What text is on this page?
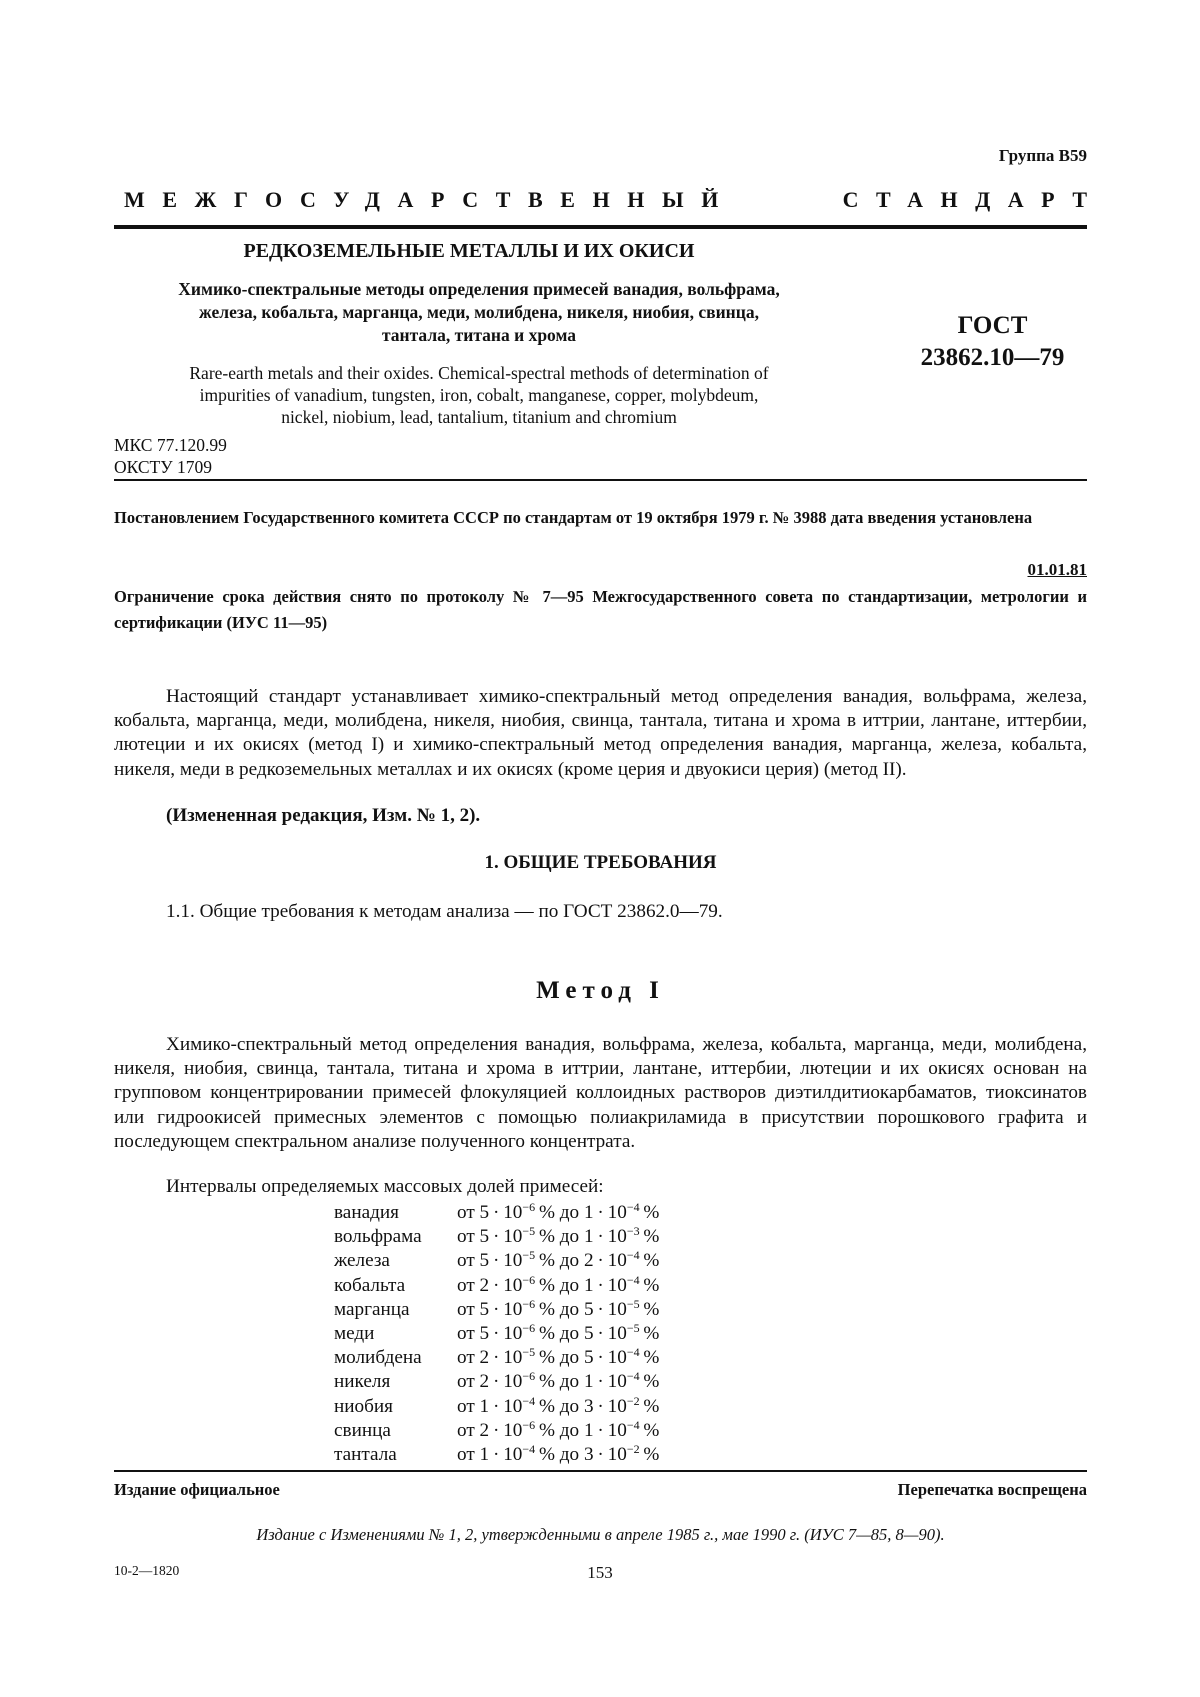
Группа В59
МЕЖГОСУДАРСТВЕННЫЙ	СТАНДАРТ
РЕДКОЗЕМЕЛЬНЫЕ МЕТАЛЛЫ И ИХ ОКИСИ
Химико-спектральные методы определения примесей ванадия, вольфрама,
железа, кобальта, марганца, меди, молибдена, никеля, ниобия, свинца,
тантала, титана и хрома
Rare-earth metals and their oxides. Chemical-spectral methods of determination of
impurities of vanadium, tungsten, iron, cobalt, manganese, copper, molybdeum,
nickel, niobium, lead, tantalium, titanium and chromium
ГОСТ
23862.10—79
МКС 77.120.99
ОКСТУ 1709
Постановлением Государственного комитета СССР по стандартам от 19 октября 1979 г. № 3988 дата введения установлена
01.01.81
Ограничение срока действия снято по протоколу № 7—95 Межгосударственного совета по стандартизации, метрологии и сертификации (ИУС 11—95)
Настоящий стандарт устанавливает химико-спектральный метод определения ванадия, вольфрама, железа, кобальта, марганца, меди, молибдена, никеля, ниобия, свинца, тантала, титана и хрома в иттрии, лантане, иттербии, лютеции и их окисях (метод I) и химико-спектральный метод определения ванадия, марганца, железа, кобальта, никеля, меди в редкоземельных металлах и их окисях (кроме церия и двуокиси церия) (метод II).
(Измененная редакция, Изм. № 1, 2).
1. ОБЩИЕ ТРЕБОВАНИЯ
1.1. Общие требования к методам анализа — по ГОСТ 23862.0—79.
Метод I
Химико-спектральный метод определения ванадия, вольфрама, железа, кобальта, марганца, меди, молибдена, никеля, ниобия, свинца, тантала, титана и хрома в иттрии, лантане, иттербии, лютеции и их окисях основан на групповом концентрировании примесей флокуляцией коллоидных растворов диэтилдитиокарбаматов, тиоксинатов или гидроокисей примесных элементов с помощью полиакриламида в присутствии порошкового графита и последующем спектральном анализе полученного концентрата.
Интервалы определяемых массовых долей примесей:
ванадия	от $5 \cdot 10^{-6}$ % до $1 \cdot 10^{-4}$ %
вольфрама	от $5 \cdot 10^{-5}$ % до $1 \cdot 10^{-3}$ %
железа	от $5 \cdot 10^{-5}$ % до $2 \cdot 10^{-4}$ %
кобальта	от $2 \cdot 10^{-6}$ % до $1 \cdot 10^{-4}$ %
марганца	от $5 \cdot 10^{-6}$ % до $5 \cdot 10^{-5}$ %
меди	от $5 \cdot 10^{-6}$ % до $5 \cdot 10^{-5}$ %
молибдена	от $2 \cdot 10^{-5}$ % до $5 \cdot 10^{-4}$ %
никеля	от $2 \cdot 10^{-6}$ % до $1 \cdot 10^{-4}$ %
ниобия	от $1 \cdot 10^{-4}$ % до $3 \cdot 10^{-2}$ %
свинца	от $2 \cdot 10^{-6}$ % до $1 \cdot 10^{-4}$ %
тантала	от $1 \cdot 10^{-4}$ % до $3 \cdot 10^{-2}$ %
Издание официальное	Перепечатка воспрещена
Издание с Изменениями № 1, 2, утвержденными в апреле 1985 г., мае 1990 г. (ИУС 7—85, 8—90).
10-2—1820	153
